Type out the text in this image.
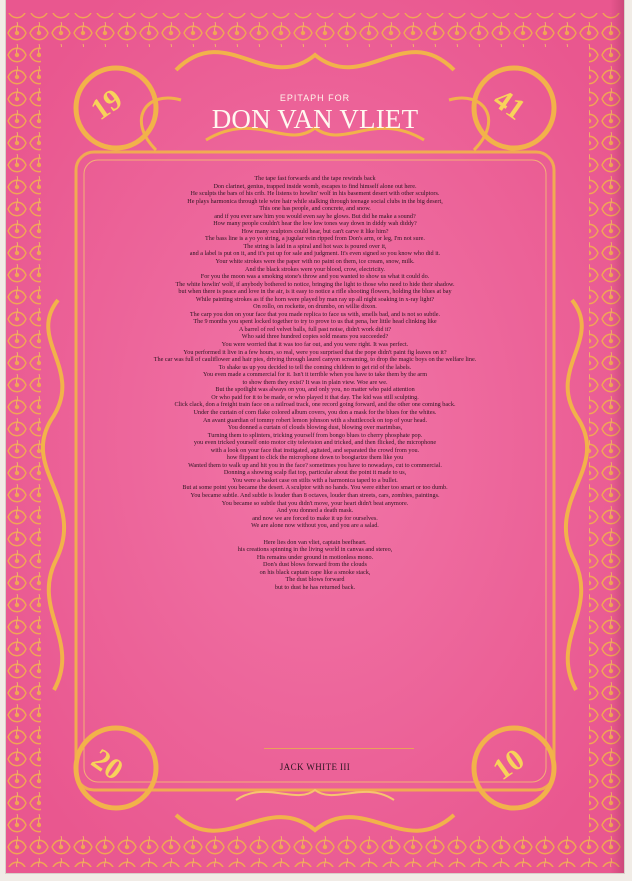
19	41
20	10
EPITAPH FOR
DON VAN VLIET
The tape fast forwards and the tape rewinds back
Don clarinet, genius, trapped inside womb, escapes to find himself alone out here.
He sculpts the bars of his crib. He listens to howlin' wolf in his basement desert with other sculptors.
He plays harmonica through tele wire hair while stalking through teenage social clubs in the big desert,
This one has people, and concrete, and snow.
and if you ever saw him you would even say he glows. But did he make a sound?
How many people couldn't hear the low low tones way down in diddy wah diddy?
How many sculptors could hear, but can't carve it like him?
The bass line is a yo yo string, a jugular vein ripped from Don's arm, or leg, I'm not sure.
The string is laid in a spiral and hot wax is poured over it,
and a label is put on it, and it's put up for sale and judgment. It's even signed so you know who did it.
Your white strokes were the paper with no paint on them, ice cream, snow, milk.
And the black strokes were your blood, crow, electricity.
For you the moon was a smoking stone's throw and you wanted to show us what it could do.
The white howlin' wolf, if anybody bothered to notice, bringing the light to those who need to hide their shadow.
but when there is peace and love in the air, is it easy to notice a rifle shooting flowers, holding the blues at bay
While painting strokes as if the horn were played by man ray up all night soaking in x-ray light?
On rollo, on rockette, on drumbo, on willie dixon.
The carp you don on your face that you made replica to face us with, smells bad, and is not so subtle.
The 9 months you spent locked together to try to prove to us that pena, her little head clinking like
A barrel of red velvet balls, full past noise, didn't work did it?
Who said three hundred copies sold means you succeeded?
You were worried that it was too far out, and you were right. It was perfect.
You performed it live in a few hours, so real, were you surprised that the pope didn't paint fig leaves on it?
The car was full of cauliflower and hair pies, driving through laurel canyon screaming, to drop the magic boys on the welfare line.
To shake us up you decided to tell the coming children to get rid of the labels.
You even made a commercial for it. Isn't it terrible when you have to take them by the arm
to show them they exist? It was in plain view. Woe are we.
But the spotlight was always on you, and only you, no matter who paid attention
Or who paid for it to be made, or who played it that day. The kid was still sculpting.
Click clack, don a freight train face on a railroad track, one record going forward, and the other one coming back.
Under the curtain of corn flake colored album covers, you don a mask for the blues for the whites.
An avant guardian of tommy robert lemon johnson with a shuttlecock on top of your head.
You donned a curtain of clouds blowing dust, blowing over marimbas,
Turning them to splinters, tricking yourself from bongo blues to cherry phosphate pop.
you even tricked yourself onto motor city television and tricked, and then flicked, the microphone
with a look on your face that instigated, agitated, and separated the crowd from you.
how flippant to click the microphone down to boogiarize them like you
Wanted them to walk up and hit you in the face? sometimes you have to nowadays, cut to commercial.
Donning a showing scalp flat top, particular about the point it made to us,
You were a basket case on stilts with a harmonica taped to a bullet.
But at some point you became the desert. A sculptor with no hands. You were either too smart or too dumb.
You became subtle. And subtle is louder than 8 octaves, louder than streets, cars, zombies, paintings.
You became so subtle that you didn't move, your heart didn't beat anymore.
And you donned a death mask.
and now we are forced to make it up for ourselves.
We are alone now without you, and you are a salad.
Here lies don van vliet, captain beefheart.
his creations spinning in the living world in canvas and stereo,
His remains under ground in motionless mono.
Don's dust blows forward from the clouds
on his black captain cape like a smoke stack,
The dust blows forward
but to dust he has returned back.
JACK WHITE III
